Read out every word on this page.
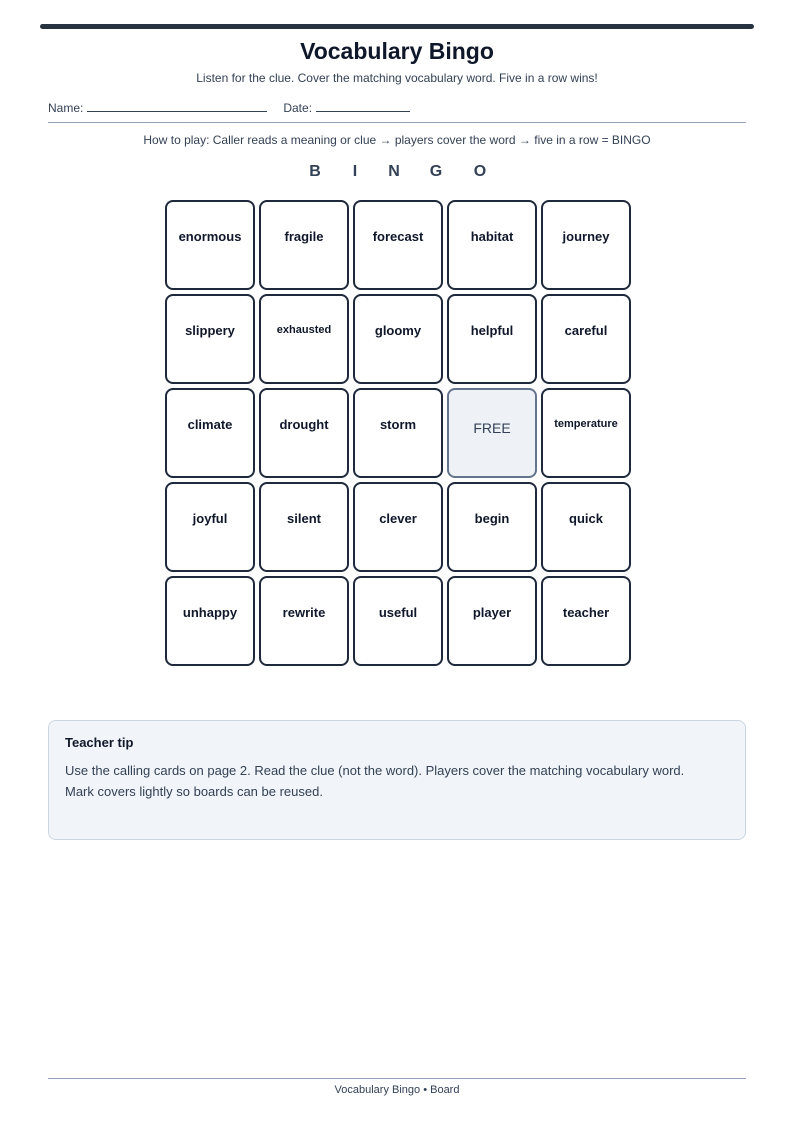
Vocabulary Bingo
Listen for the clue. Cover the matching vocabulary word. Five in a row wins!
Name:	Date:
How to play: Caller reads a meaning or clue → players cover the word → five in a row = BINGO
B	I	N G O
enormous	fragile	forecast	habitat	journey
slippery	exhausted	gloomy	helpful	careful
climate	drought	storm	FREE	temperature
joyful	silent	clever	begin	quick
unhappy	rewrite	useful	player	teacher
Teacher tip
Use the calling cards on page 2. Read the clue (not the word). Players cover the matching vocabulary word.
Mark covers lightly so boards can be reused.
Vocabulary Bingo • Board
